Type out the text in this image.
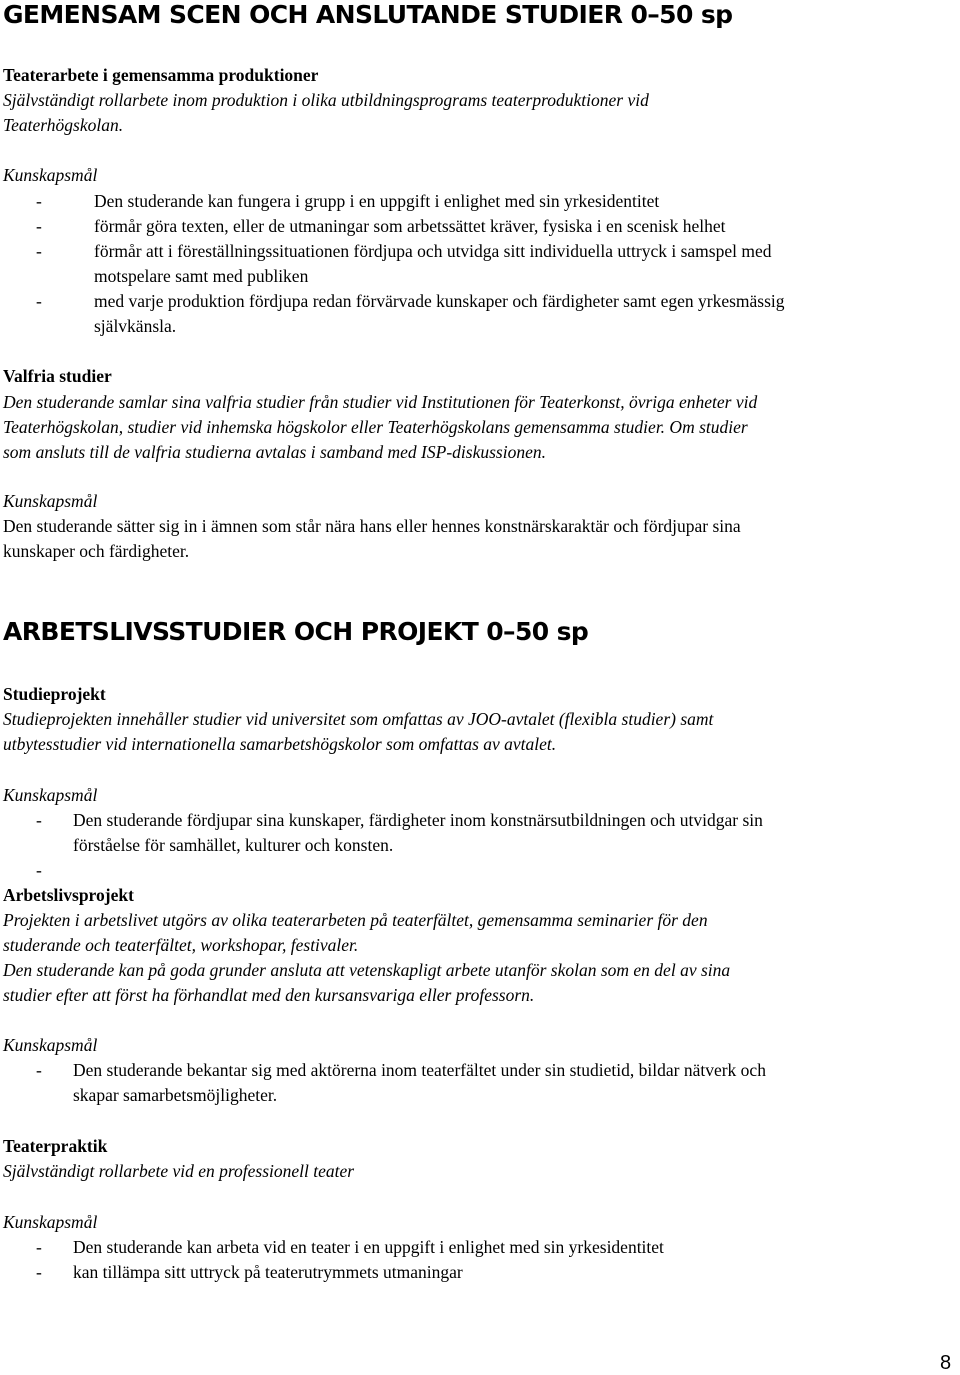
GEMENSAM SCEN OCH ANSLUTANDE STUDIER 0–50 sp
Teaterarbete i gemensamma produktioner
Självständigt rollarbete inom produktion i olika utbildningsprograms teaterproduktioner vid
Teaterhögskolan.
Kunskapsmål
-	Den studerande kan fungera i grupp i en uppgift i enlighet med sin yrkesidentitet
-	förmår göra texten, eller de utmaningar som arbetssättet kräver, fysiska i en scenisk helhet
-	förmår att i föreställningssituationen fördjupa och utvidga sitt individuella uttryck i samspel med
motspelare samt med publiken
-	med varje produktion fördjupa redan förvärvade kunskaper och färdigheter samt egen yrkesmässig
självkänsla.
Valfria studier
Den studerande samlar sina valfria studier från studier vid Institutionen för Teaterkonst, övriga enheter vid
Teaterhögskolan, studier vid inhemska högskolor eller Teaterhögskolans gemensamma studier. Om studier
som ansluts till de valfria studierna avtalas i samband med ISP-diskussionen.
Kunskapsmål
Den studerande sätter sig in i ämnen som står nära hans eller hennes konstnärskaraktär och fördjupar sina
kunskaper och färdigheter.
ARBETSLIVSSTUDIER OCH PROJEKT 0–50 sp
Studieprojekt
Studieprojekten innehåller studier vid universitet som omfattas av JOO-avtalet (flexibla studier) samt
utbytesstudier vid internationella samarbetshögskolor som omfattas av avtalet.
Kunskapsmål
- Den studerande fördjupar sina kunskaper, färdigheter inom konstnärsutbildningen och utvidgar sin
förståelse för samhället, kulturer och konsten.
-
Arbetslivsprojekt
Projekten i arbetslivet utgörs av olika teaterarbeten på teaterfältet, gemensamma seminarier för den
studerande och teaterfältet, workshopar, festivaler.
Den studerande kan på goda grunder ansluta att vetenskapligt arbete utanför skolan som en del av sina
studier efter att först ha förhandlat med den kursansvariga eller professorn.
Kunskapsmål
- Den studerande bekantar sig med aktörerna inom teaterfältet under sin studietid, bildar nätverk och
skapar samarbetsmöjligheter.
Teaterpraktik
Självständigt rollarbete vid en professionell teater
Kunskapsmål
- Den studerande kan arbeta vid en teater i en uppgift i enlighet med sin yrkesidentitet
- kan tillämpa sitt uttryck på teaterutrymmets utmaningar
8
